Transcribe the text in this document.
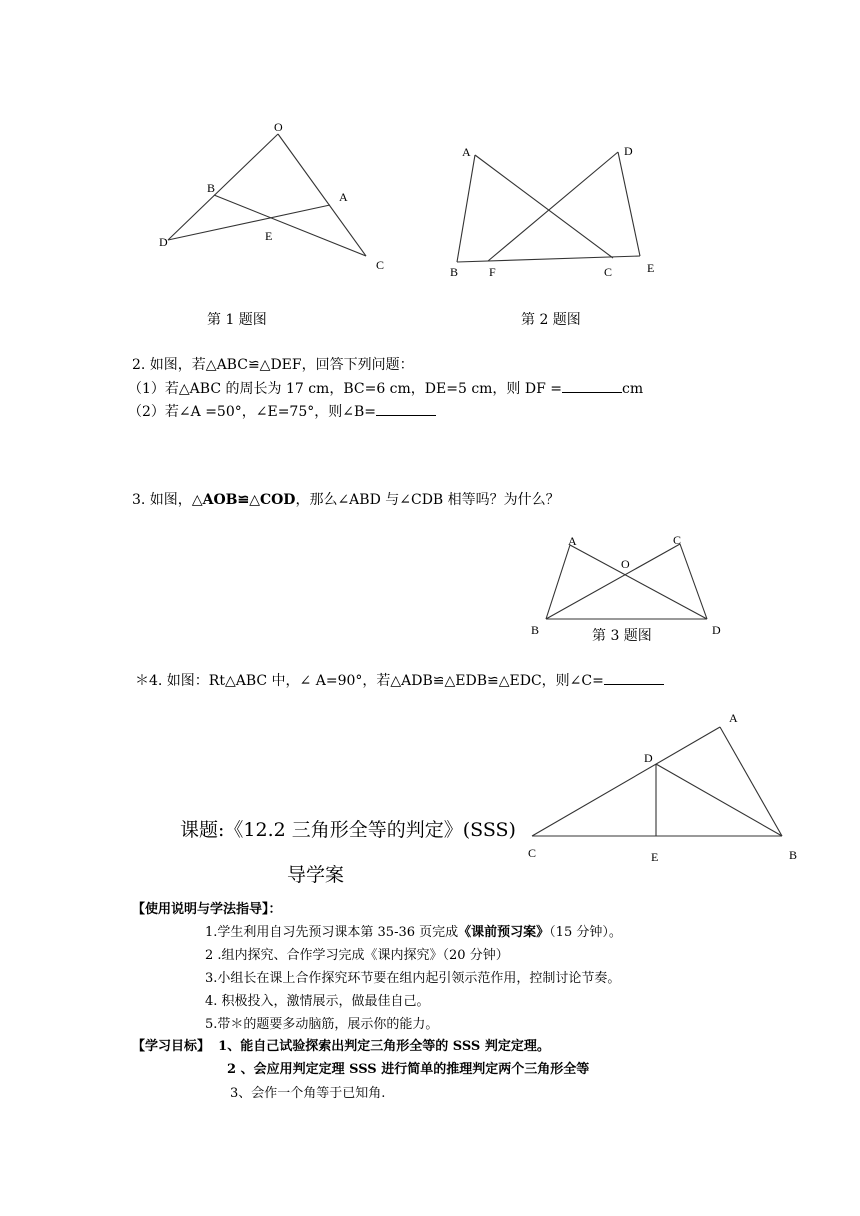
O
B
A
D	E
C
A	D
B	F	C	E
第 1 题图	第 2 题图
2. 如图，若△ABC≌△DEF，回答下列问题：
（1）若△ABC 的周长为 17 cm，BC=6 cm，DE=5 cm，则 DF =	cm
（2）若∠A =50°，∠E=75°，则∠B=
3. 如图，△AOB≌△COD，那么∠ABD 与∠CDB 相等吗？为什么？
A	C
O
B	D
第 3 题图
＊4. 如图：Rt△ABC 中，∠ A=90°，若△ADB≌△EDB≌△EDC，则∠C=
A
D
C	E	B
课题:《12.2 三角形全等的判定》(SSS)
导学案
【使用说明与学法指导】：
1.学生利用自习先预习课本第 35-36 页完成《课前预习案》（15 分钟）。
2 .组内探究、合作学习完成《课内探究》（20 分钟）
3.小组长在课上合作探究环节要在组内起引领示范作用，控制讨论节奏。
4. 积极投入，激情展示，做最佳自己。
5.带＊的题要多动脑筋，展示你的能力。
【学习目标】 1、能自己试验探索出判定三角形全等的 SSS 判定定理。
2 、会应用判定定理 SSS 进行简单的推理判定两个三角形全等
3、会作一个角等于已知角.
